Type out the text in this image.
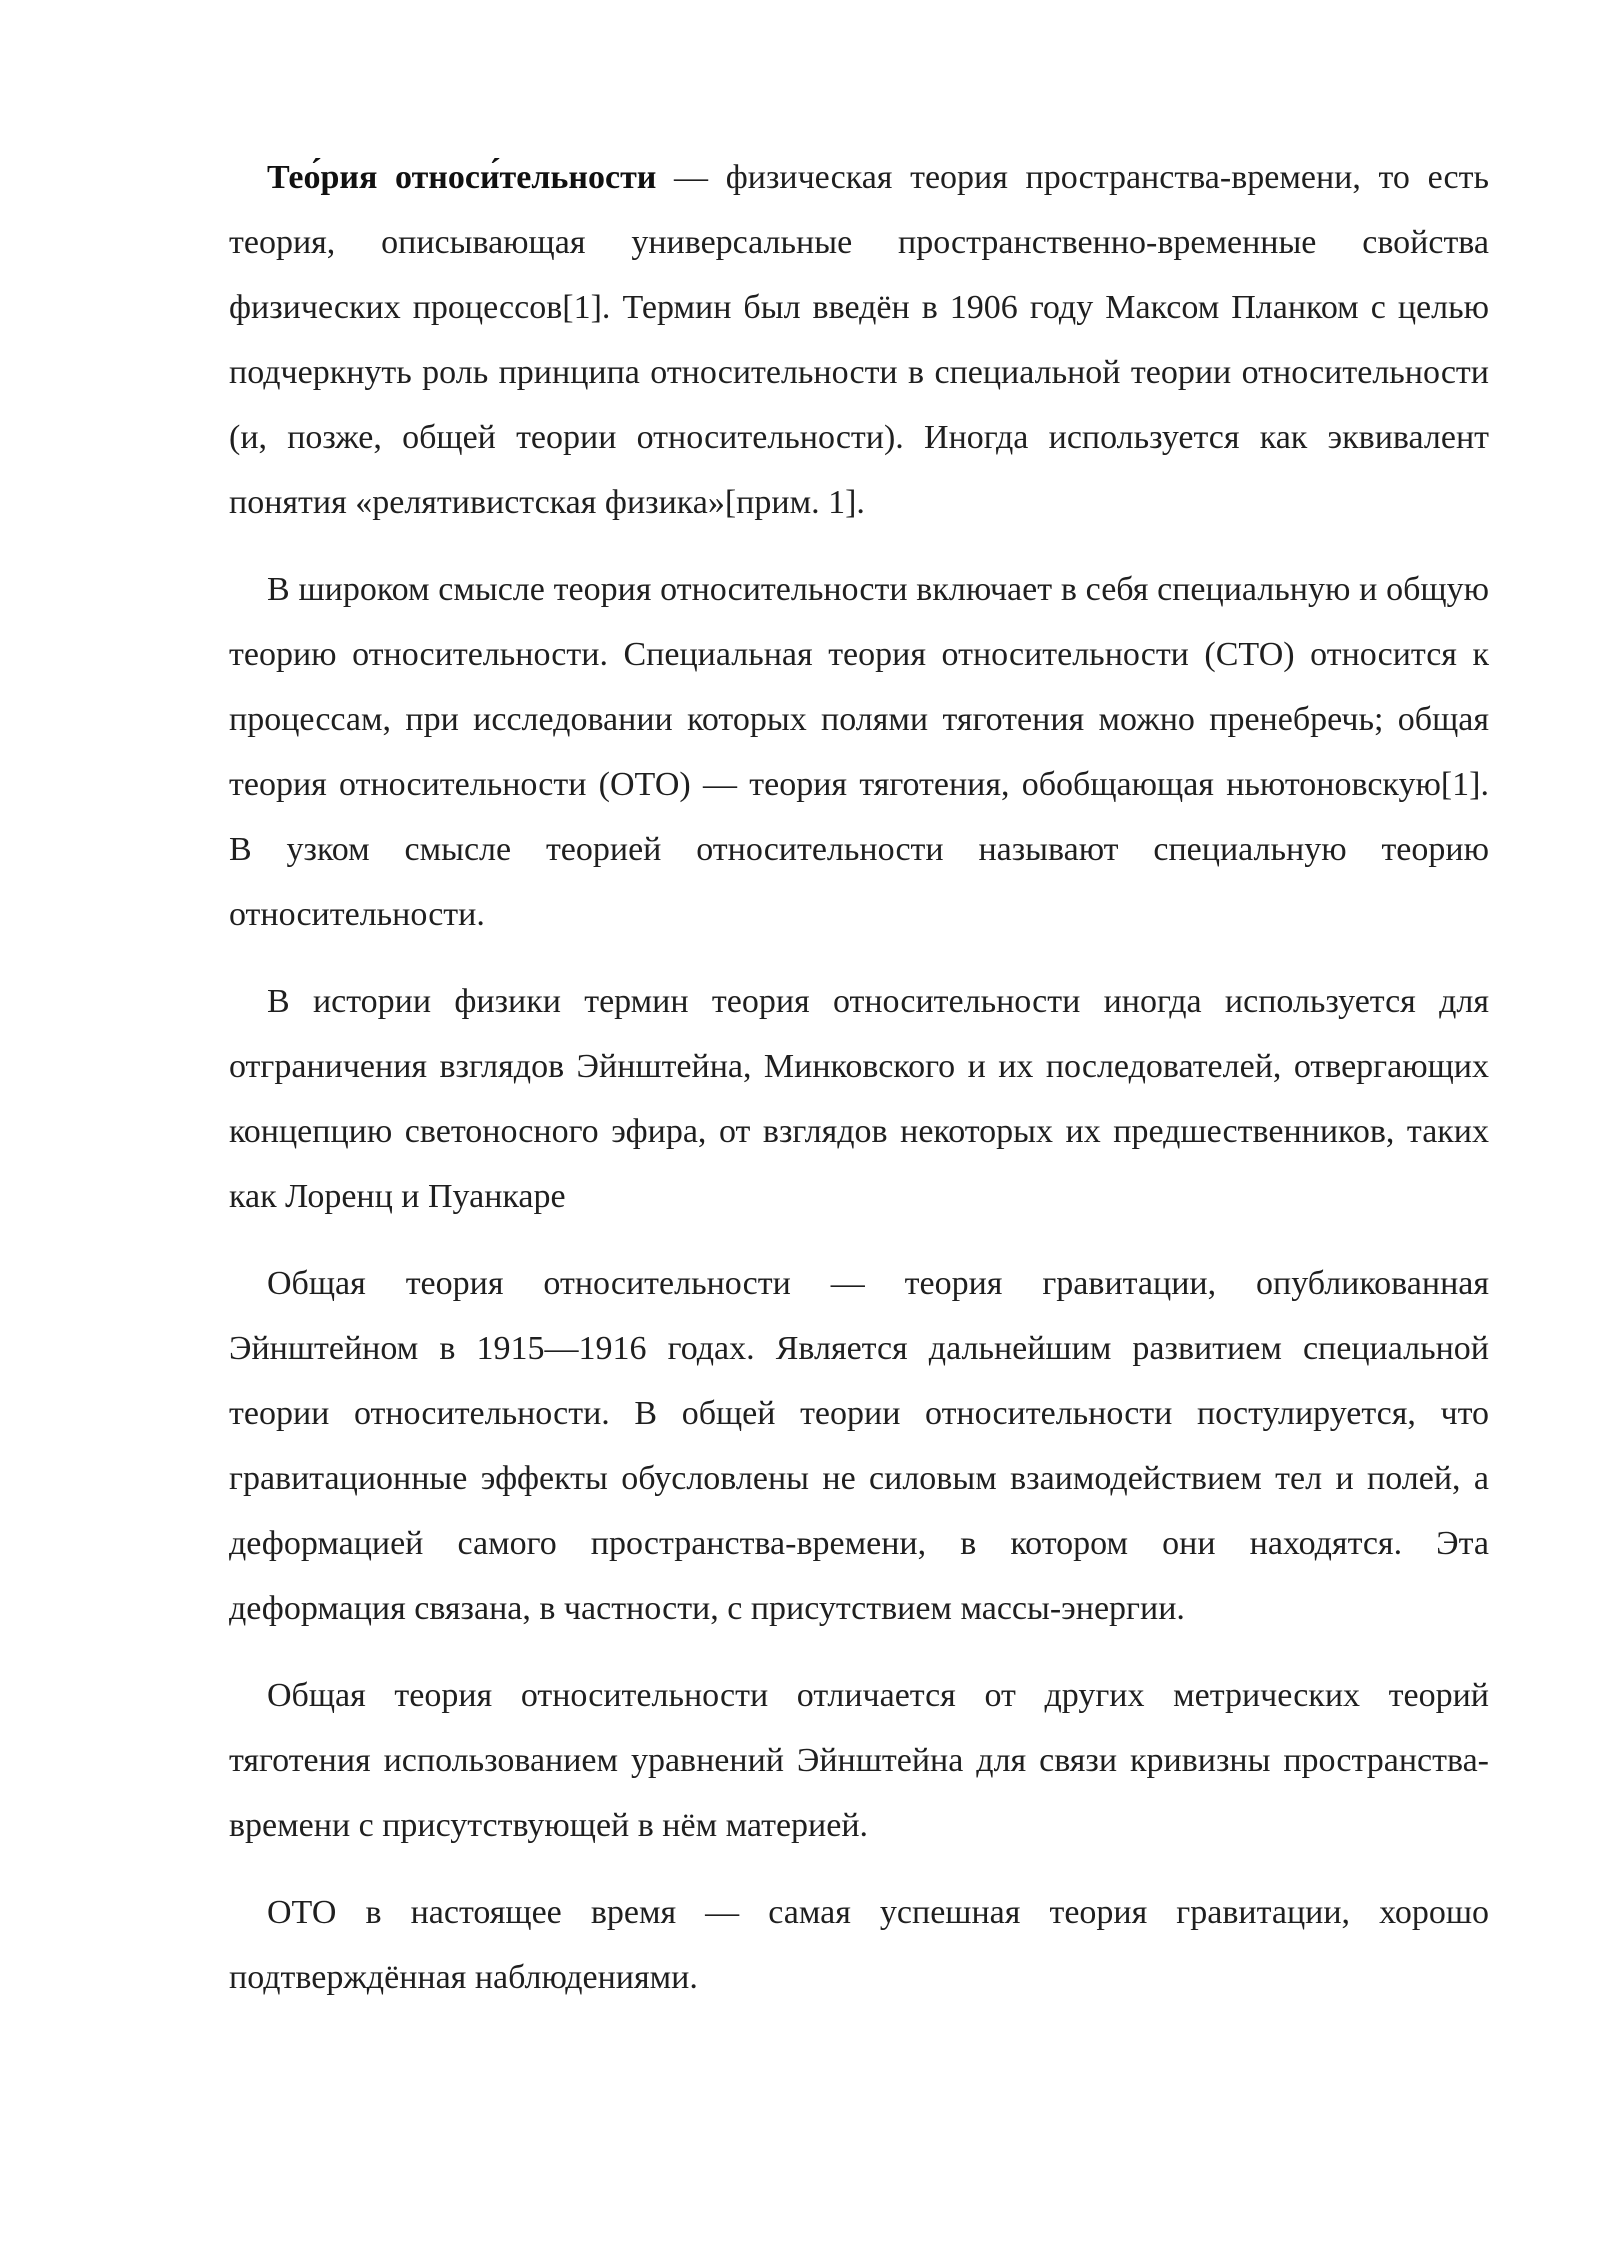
Тео́рия относи́тельности — физическая теория пространства-времени, то есть теория, описывающая универсальные пространственно-временные свойства физических процессов[1]. Термин был введён в 1906 году Максом Планком с целью подчеркнуть роль принципа относительности в специальной теории относительности (и, позже, общей теории относительности). Иногда используется как эквивалент понятия «релятивистская физика»[прим. 1].

В широком смысле теория относительности включает в себя специальную и общую теорию относительности. Специальная теория относительности (СТО) относится к процессам, при исследовании которых полями тяготения можно пренебречь; общая теория относительности (ОТО) — теория тяготения, обобщающая ньютоновскую[1]. В узком смысле теорией относительности называют специальную теорию относительности.

В истории физики термин теория относительности иногда используется для отграничения взглядов Эйнштейна, Минковского и их последователей, отвергающих концепцию светоносного эфира, от взглядов некоторых их предшественников, таких как Лоренц и Пуанкаре

Общая теория относительности — теория гравитации, опубликованная Эйнштейном в 1915—1916 годах. Является дальнейшим развитием специальной теории относительности. В общей теории относительности постулируется, что гравитационные эффекты обусловлены не силовым взаимодействием тел и полей, а деформацией самого пространства-времени, в котором они находятся. Эта деформация связана, в частности, с присутствием массы-энергии.

Общая теория относительности отличается от других метрических теорий тяготения использованием уравнений Эйнштейна для связи кривизны пространства-времени с присутствующей в нём материей.

ОТО в настоящее время — самая успешная теория гравитации, хорошо подтверждённая наблюдениями.
